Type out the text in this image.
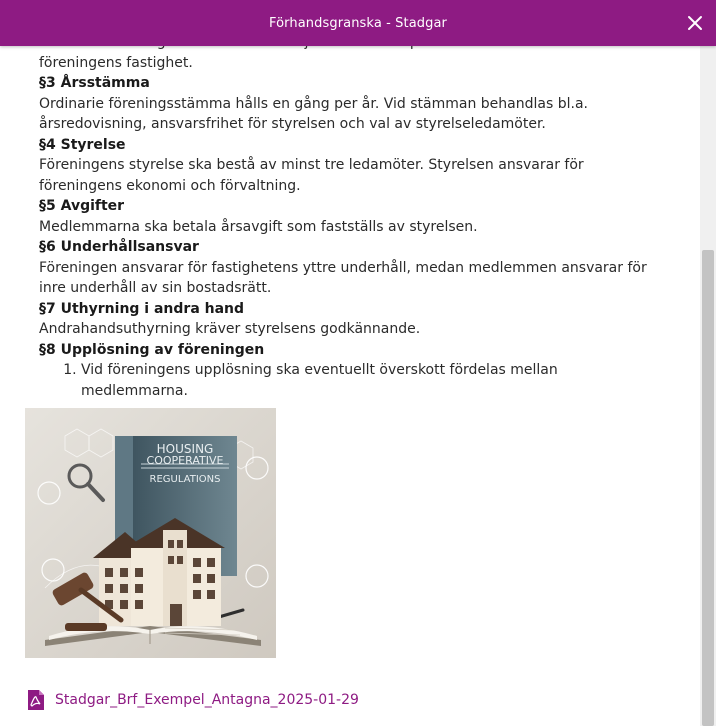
Förhandsgranska - Stadgar

föreningens fastighet.

§3 Årsstämma

Ordinarie föreningsstämma hålls en gång per år. Vid stämman behandlas bl.a. årsredovisning, ansvarsfrihet för styrelsen och val av styrelseledamöter.

§4 Styrelse

Föreningens styrelse ska bestå av minst tre ledamöter. Styrelsen ansvarar för föreningens ekonomi och förvaltning.

§5 Avgifter

Medlemmarna ska betala årsavgift som fastställs av styrelsen.

§6 Underhållsansvar

Föreningen ansvarar för fastighetens yttre underhåll, medan medlemmen ansvarar för inre underhåll av sin bostadsrätt.

§7 Uthyrning i andra hand

Andrahandsuthyrning kräver styrelsens godkännande.

§8 Upplösning av föreningen
1. Vid föreningens upplösning ska eventuellt överskott fördelas mellan medlemmarna.
HOUSING
COOPERATIVE
REGULATIONS
Stadgar_Brf_Exempel_Antagna_2025-01-29
